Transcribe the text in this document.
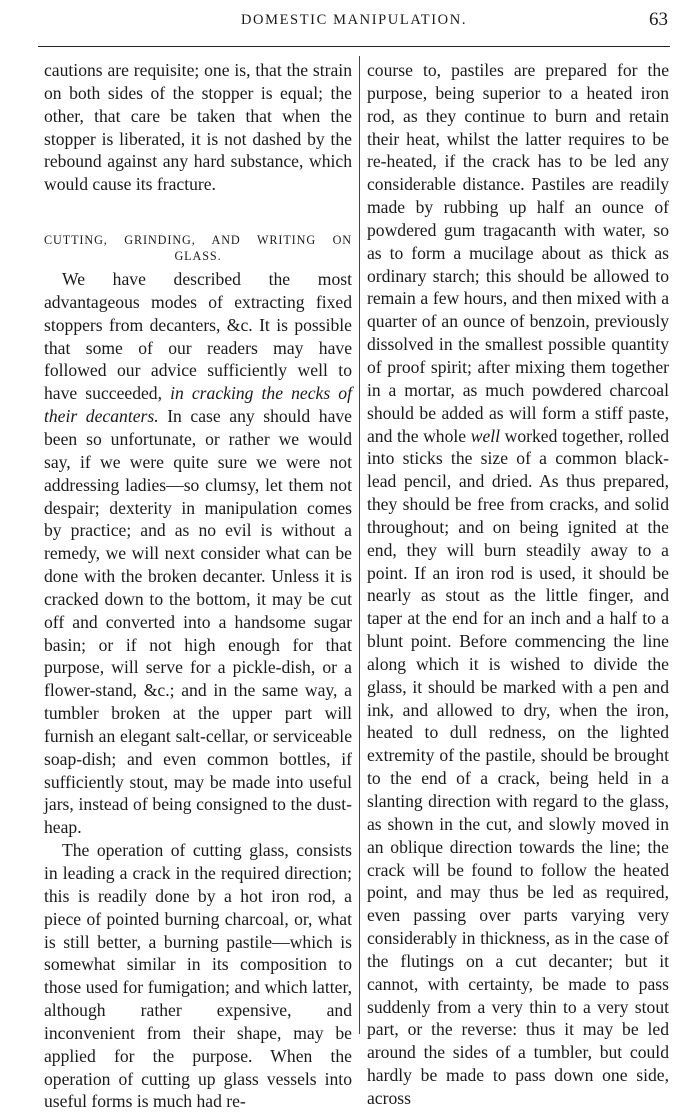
DOMESTIC MANIPULATION.	63

cautions are requisite; one is, that the strain on both sides of the stopper is equal; the other, that care be taken that when the stopper is liberated, it is not dashed by the rebound against any hard substance, which would cause its fracture.

CUTTING, GRINDING, AND WRITING ON
GLASS.

We have described the most advantageous modes of extracting fixed stoppers from decanters, &c. It is possible that some of our readers may have followed our advice sufficiently well to have succeeded, in cracking the necks of their decanters. In case any should have been so unfortunate, or rather we would say, if we were quite sure we were not addressing ladies—so clumsy, let them not despair; dexterity in manipulation comes by practice; and as no evil is without a remedy, we will next consider what can be done with the broken decanter. Unless it is cracked down to the bottom, it may be cut off and converted into a handsome sugar basin; or if not high enough for that purpose, will serve for a pickle-dish, or a flower-stand, &c.; and in the same way, a tumbler broken at the upper part will furnish an elegant salt-cellar, or serviceable soap-dish; and even common bottles, if sufficiently stout, may be made into useful jars, instead of being consigned to the dust-heap.

The operation of cutting glass, consists in leading a crack in the required direction; this is readily done by a hot iron rod, a piece of pointed burning charcoal, or, what is still better, a burning pastile—which is somewhat similar in its composition to those used for fumigation; and which latter, although rather expensive, and inconvenient from their shape, may be applied for the purpose. When the operation of cutting up glass vessels into useful forms is much had re-

course to, pastiles are prepared for the purpose, being superior to a heated iron rod, as they continue to burn and retain their heat, whilst the latter requires to be re-heated, if the crack has to be led any considerable distance. Pastiles are readily made by rubbing up half an ounce of powdered gum tragacanth with water, so as to form a mucilage about as thick as ordinary starch; this should be allowed to remain a few hours, and then mixed with a quarter of an ounce of benzoin, previously dissolved in the smallest possible quantity of proof spirit; after mixing them together in a mortar, as much powdered charcoal should be added as will form a stiff paste, and the whole well worked together, rolled into sticks the size of a common black-lead pencil, and dried. As thus prepared, they should be free from cracks, and solid throughout; and on being ignited at the end, they will burn steadily away to a point. If an iron rod is used, it should be nearly as stout as the little finger, and taper at the end for an inch and a half to a blunt point. Before commencing the line along which it is wished to divide the glass, it should be marked with a pen and ink, and allowed to dry, when the iron, heated to dull redness, on the lighted extremity of the pastile, should be brought to the end of a crack, being held in a slanting direction with regard to the glass, as shown in the cut, and slowly moved in an oblique direction towards the line; the crack will be found to follow the heated point, and may thus be led as required, even passing over parts varying very considerably in thickness, as in the case of the flutings on a cut decanter; but it cannot, with certainty, be made to pass suddenly from a very thin to a very stout part, or the reverse: thus it may be led around the sides of a tumbler, but could hardly be made to pass down one side, across
